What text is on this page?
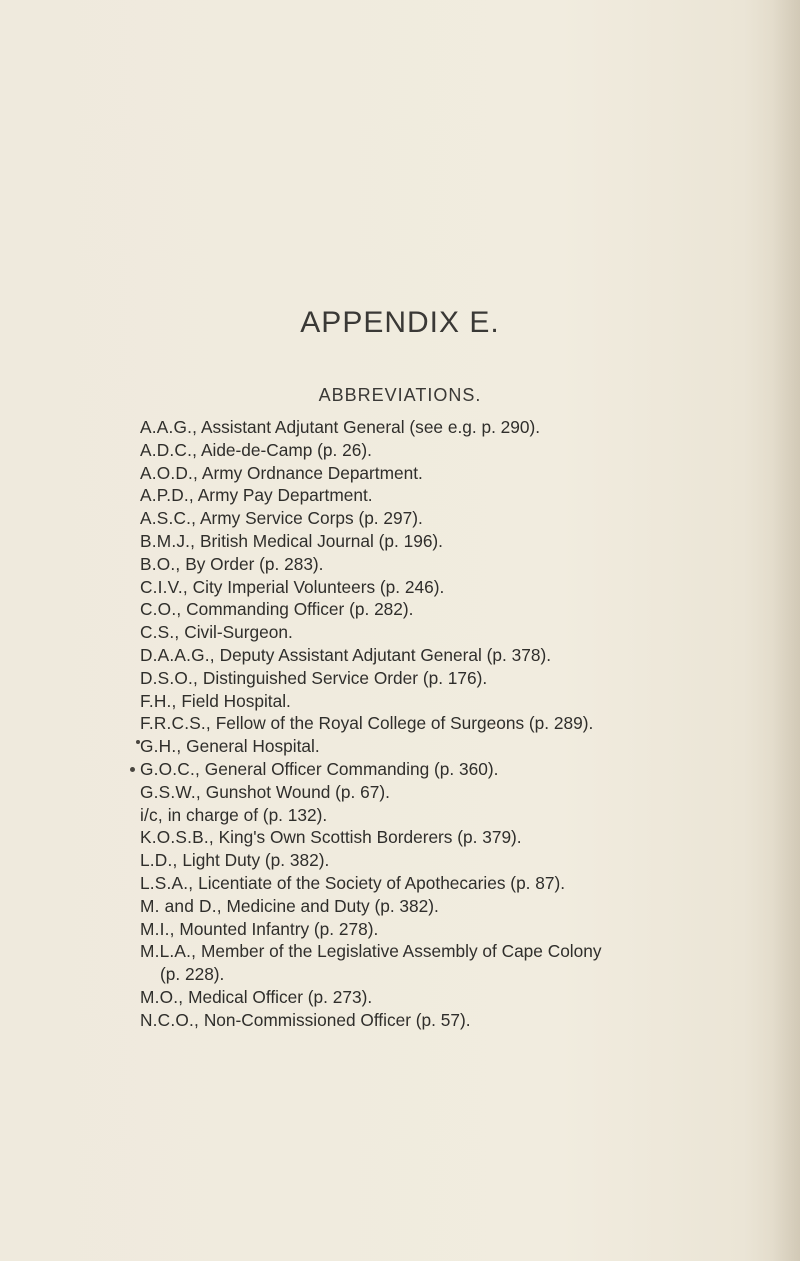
APPENDIX E.
ABBREVIATIONS.
A.A.G., Assistant Adjutant General (see e.g. p. 290).
A.D.C., Aide-de-Camp (p. 26).
A.O.D., Army Ordnance Department.
A.P.D., Army Pay Department.
A.S.C., Army Service Corps (p. 297).
B.M.J., British Medical Journal (p. 196).
B.O., By Order (p. 283).
C.I.V., City Imperial Volunteers (p. 246).
C.O., Commanding Officer (p. 282).
C.S., Civil-Surgeon.
D.A.A.G., Deputy Assistant Adjutant General (p. 378).
D.S.O., Distinguished Service Order (p. 176).
F.H., Field Hospital.
F.R.C.S., Fellow of the Royal College of Surgeons (p. 289).
G.H., General Hospital.
G.O.C., General Officer Commanding (p. 360).
G.S.W., Gunshot Wound (p. 67).
i/c, in charge of (p. 132).
K.O.S.B., King's Own Scottish Borderers (p. 379).
L.D., Light Duty (p. 382).
L.S.A., Licentiate of the Society of Apothecaries (p. 87).
M. and D., Medicine and Duty (p. 382).
M.I., Mounted Infantry (p. 278).
M.L.A., Member of the Legislative Assembly of Cape Colony
(p. 228).
M.O., Medical Officer (p. 273).
N.C.O., Non-Commissioned Officer (p. 57).
